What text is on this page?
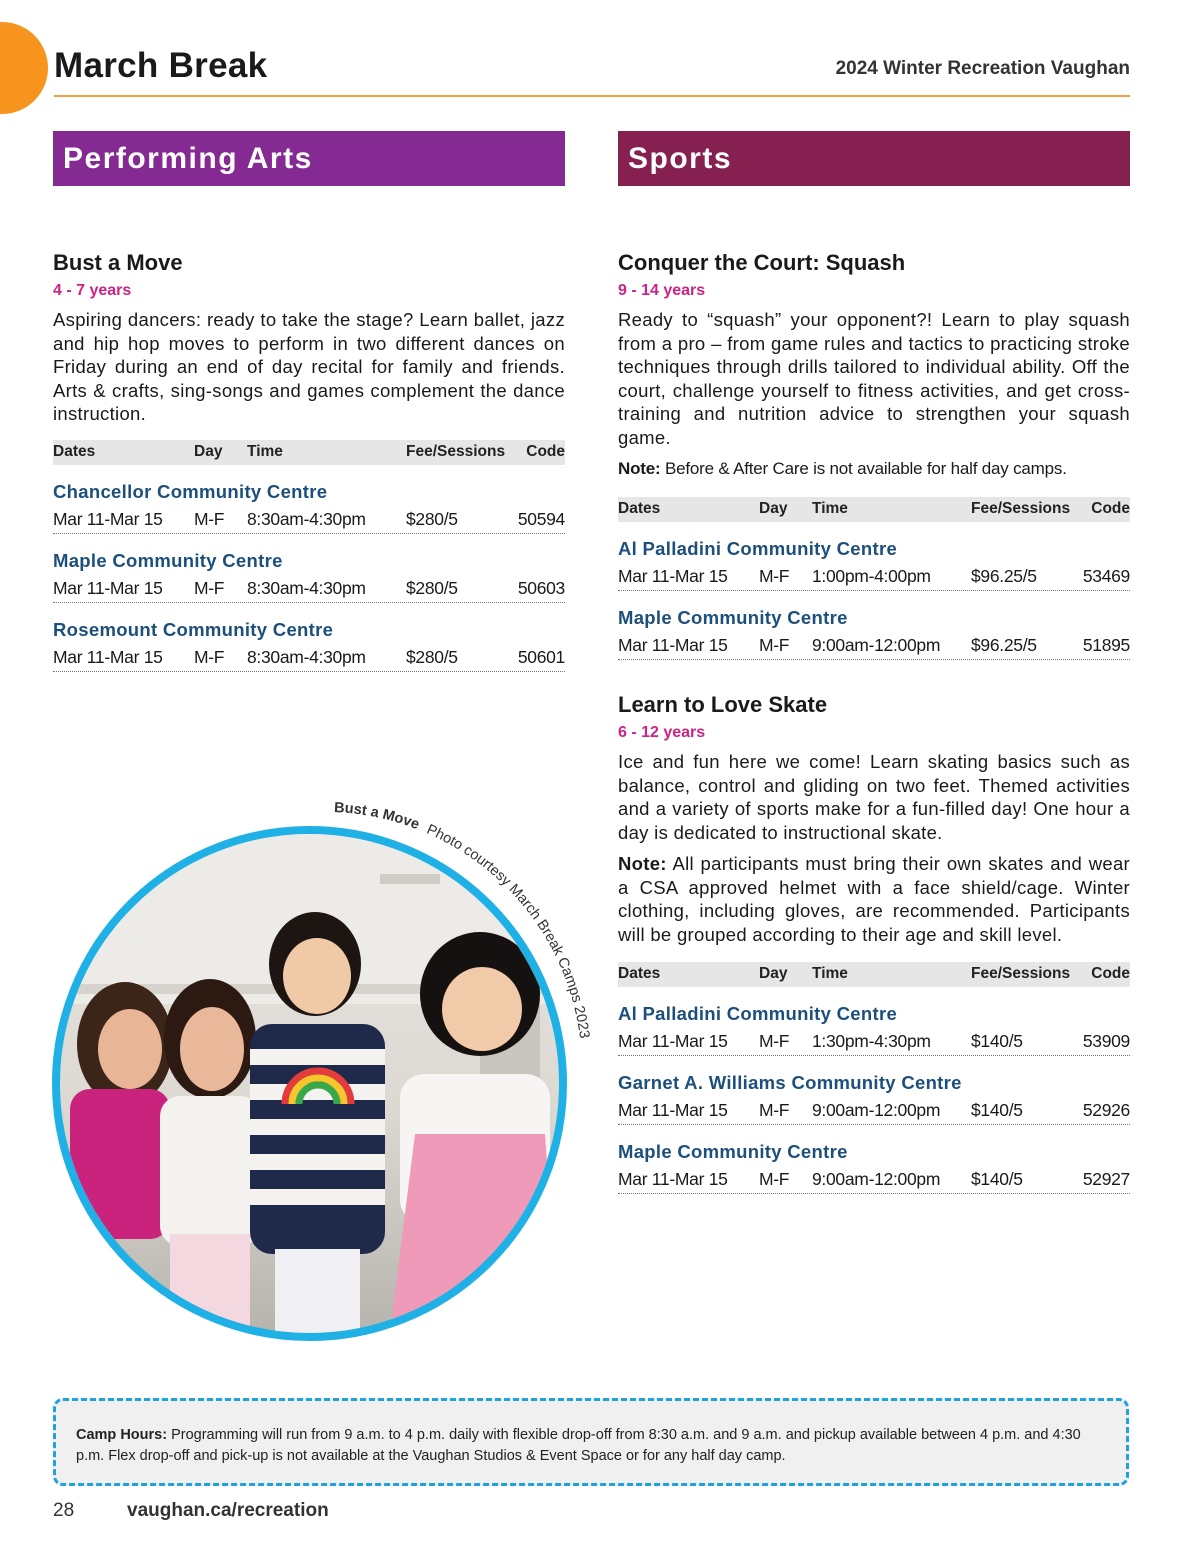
March Break	2024 Winter Recreation Vaughan
Performing Arts
Bust a Move
4 - 7 years
Aspiring dancers: ready to take the stage? Learn ballet, jazz and hip hop moves to perform in two different dances on Friday during an end of day recital for family and friends. Arts & crafts, sing-songs and games complement the dance instruction.
Dates	Day Time	Fee/Sessions Code
Chancellor Community Centre
Mar 11-Mar 15 M-F 8:30am-4:30pm $280/5	50594
Maple Community Centre
Mar 11-Mar 15 M-F 8:30am-4:30pm $280/5	50603
Rosemount Community Centre
Mar 11-Mar 15 M-F 8:30am-4:30pm $280/5	50601
Bust a Move Photo courtesy March Break Camps 2023
Sports
Conquer the Court: Squash
9 - 14 years
Ready to “squash” your opponent?! Learn to play squash from a pro – from game rules and tactics to practicing stroke techniques through drills tailored to individual ability. Off the court, challenge yourself to fitness activities, and get cross-training and nutrition advice to strengthen your squash game.
Note: Before & After Care is not available for half day camps.
Dates	Day Time	Fee/Sessions Code
Al Palladini Community Centre
Mar 11-Mar 15 M-F 1:00pm-4:00pm $96.25/5	53469
Maple Community Centre
Mar 11-Mar 15 M-F 9:00am-12:00pm $96.25/5	51895
Learn to Love Skate
6 - 12 years
Ice and fun here we come! Learn skating basics such as balance, control and gliding on two feet. Themed activities and a variety of sports make for a fun-filled day! One hour a day is dedicated to instructional skate.
Note: All participants must bring their own skates and wear a CSA approved helmet with a face shield/cage. Winter clothing, including gloves, are recommended. Participants will be grouped according to their age and skill level.
Dates	Day Time	Fee/Sessions Code
Al Palladini Community Centre
Mar 11-Mar 15 M-F 1:30pm-4:30pm $140/5	53909
Garnet A. Williams Community Centre
Mar 11-Mar 15 M-F 9:00am-12:00pm $140/5	52926
Maple Community Centre
Mar 11-Mar 15 M-F 9:00am-12:00pm $140/5	52927
Camp Hours: Programming will run from 9 a.m. to 4 p.m. daily with flexible drop-off from 8:30 a.m. and 9 a.m. and pickup available between 4 p.m. and 4:30 p.m. Flex drop-off and pick-up is not available at the Vaughan Studios & Event Space or for any half day camp.
28	vaughan.ca/recreation
